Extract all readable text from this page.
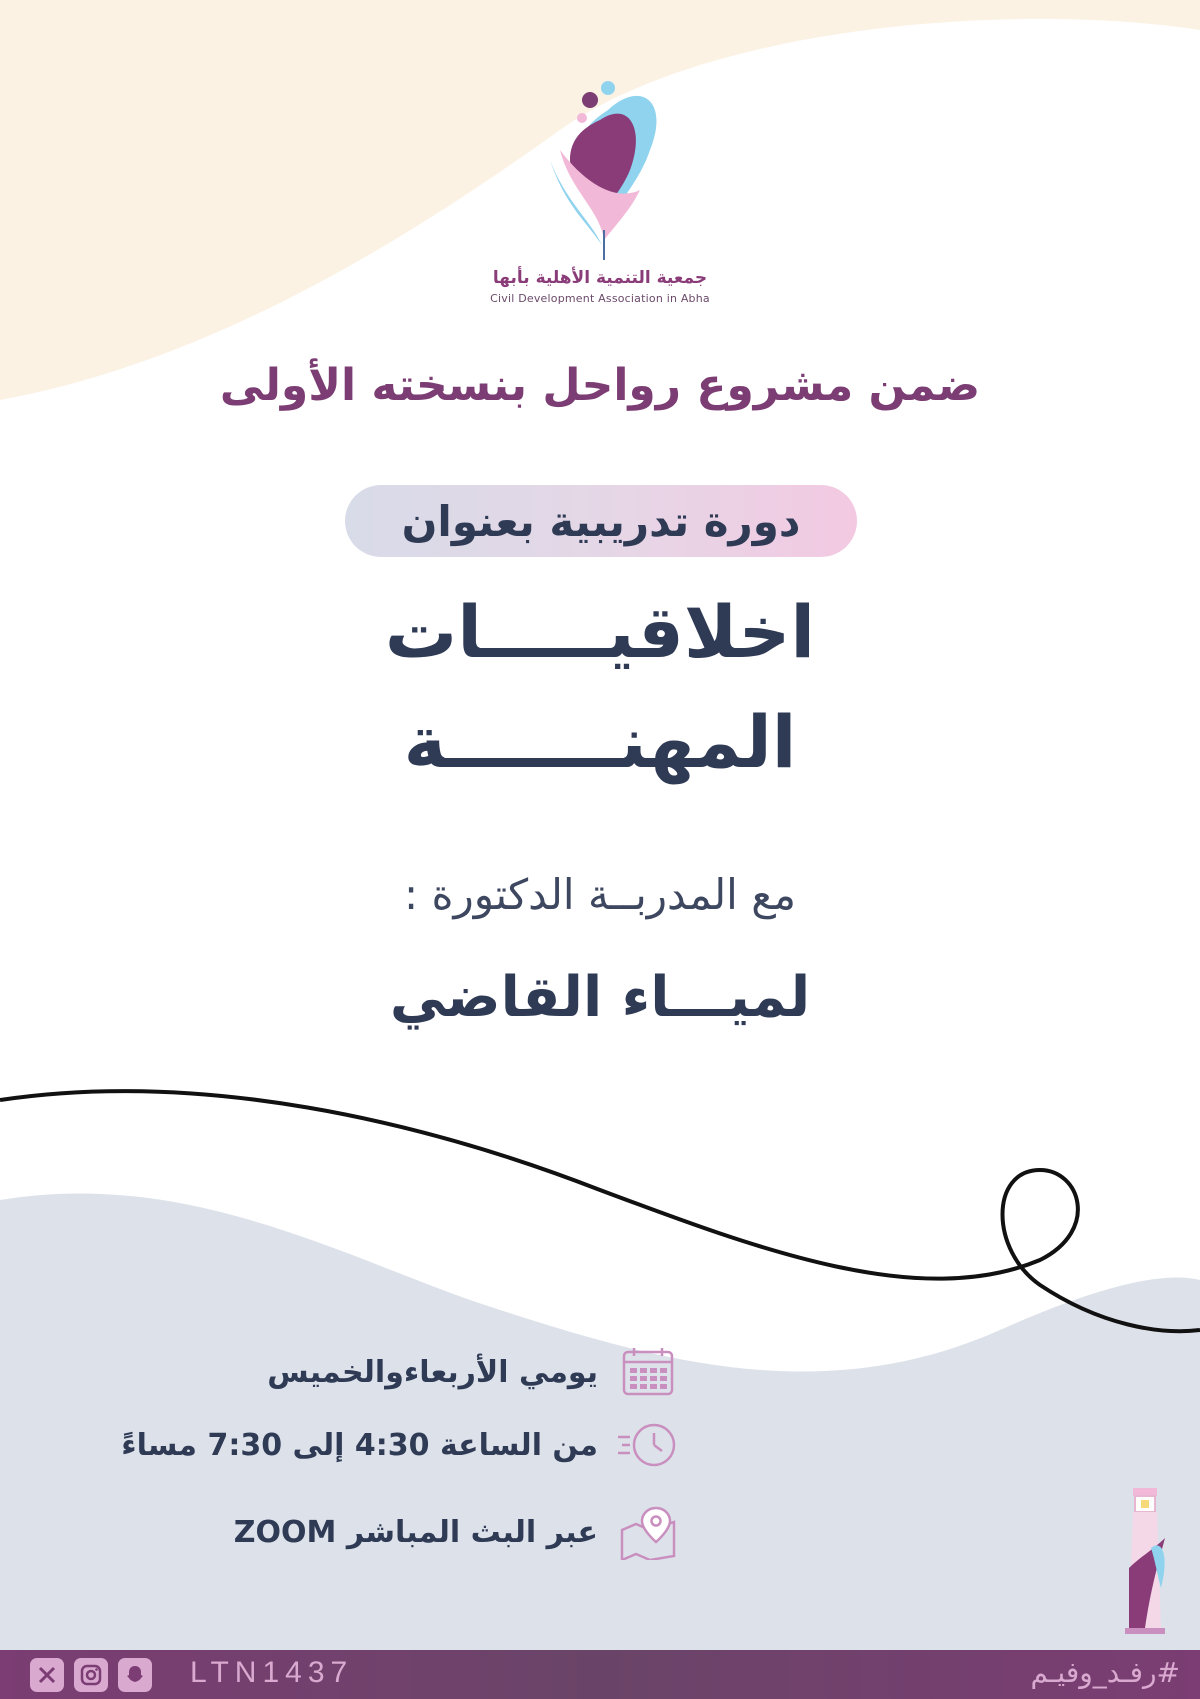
جمعية التنمية الأهلية بأبها
Civil Development Association in Abha
ضمن مشروع رواحل بنسخته الأولى
دورة تدريبية بعنوان
اخلاقيـــــات
المهنـــــــة
مع المدربــة الدكتورة :
لميـــاء القاضي
يومي الأربعاءوالخميس
من الساعة 4:30 إلى 7:30 مساءً
عبر البث المباشر ZOOM
LTN1437	#رفـد_وفيـم
